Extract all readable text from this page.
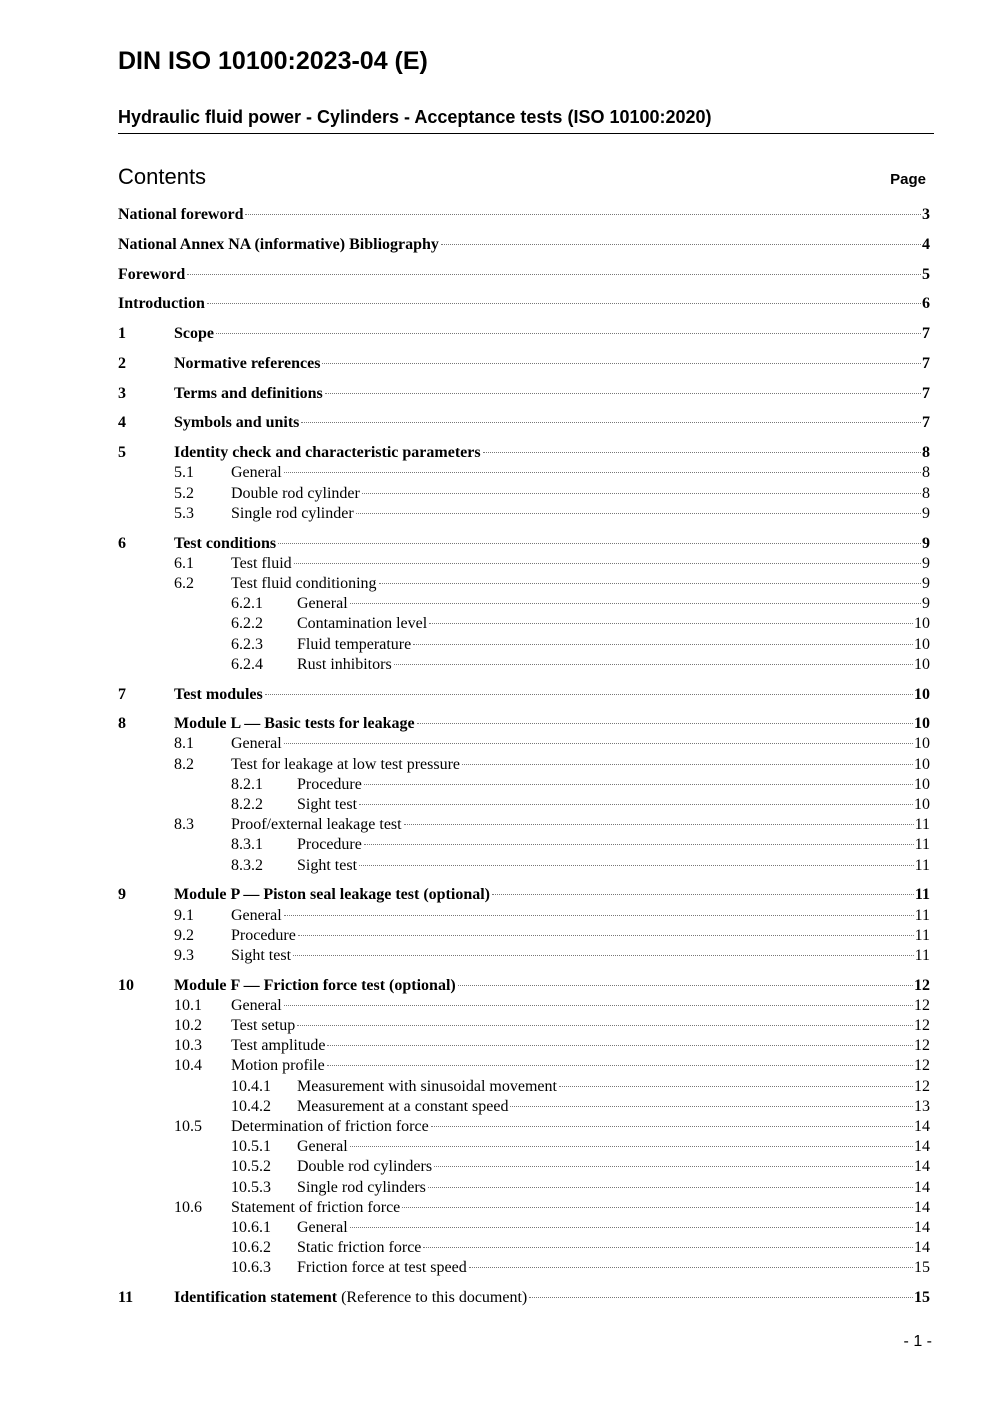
DIN ISO 10100:2023-04 (E)
Hydraulic fluid power - Cylinders - Acceptance tests (ISO 10100:2020)
Contents	Page
National foreword	3
National Annex NA (informative) Bibliography	4
Foreword	5
Introduction	6
1	Scope	7
2	Normative references	7
3	Terms and definitions	7
4	Symbols and units	7
5	Identity check and characteristic parameters	8
5.1	General	8
5.2	Double rod cylinder	8
5.3	Single rod cylinder	9
6	Test conditions	9
6.1	Test fluid	9
6.2	Test fluid conditioning	9
6.2.1	General	9
6.2.2	Contamination level	10
6.2.3	Fluid temperature	10
6.2.4	Rust inhibitors	10
7	Test modules	10
8	Module L — Basic tests for leakage	10
8.1	General	10
8.2	Test for leakage at low test pressure	10
8.2.1	Procedure	10
8.2.2	Sight test	10
8.3	Proof/external leakage test	11
8.3.1	Procedure	11
8.3.2	Sight test	11
9	Module P — Piston seal leakage test (optional)	11
9.1	General	11
9.2	Procedure	11
9.3	Sight test	11
10	Module F — Friction force test (optional)	12
10.1	General	12
10.2	Test setup	12
10.3	Test amplitude	12
10.4	Motion profile	12
10.4.1	Measurement with sinusoidal movement	12
10.4.2	Measurement at a constant speed	13
10.5	Determination of friction force	14
10.5.1	General	14
10.5.2	Double rod cylinders	14
10.5.3	Single rod cylinders	14
10.6	Statement of friction force	14
10.6.1	General	14
10.6.2	Static friction force	14
10.6.3	Friction force at test speed	15
11	Identification statement (Reference to this document)	15
- 1 -
